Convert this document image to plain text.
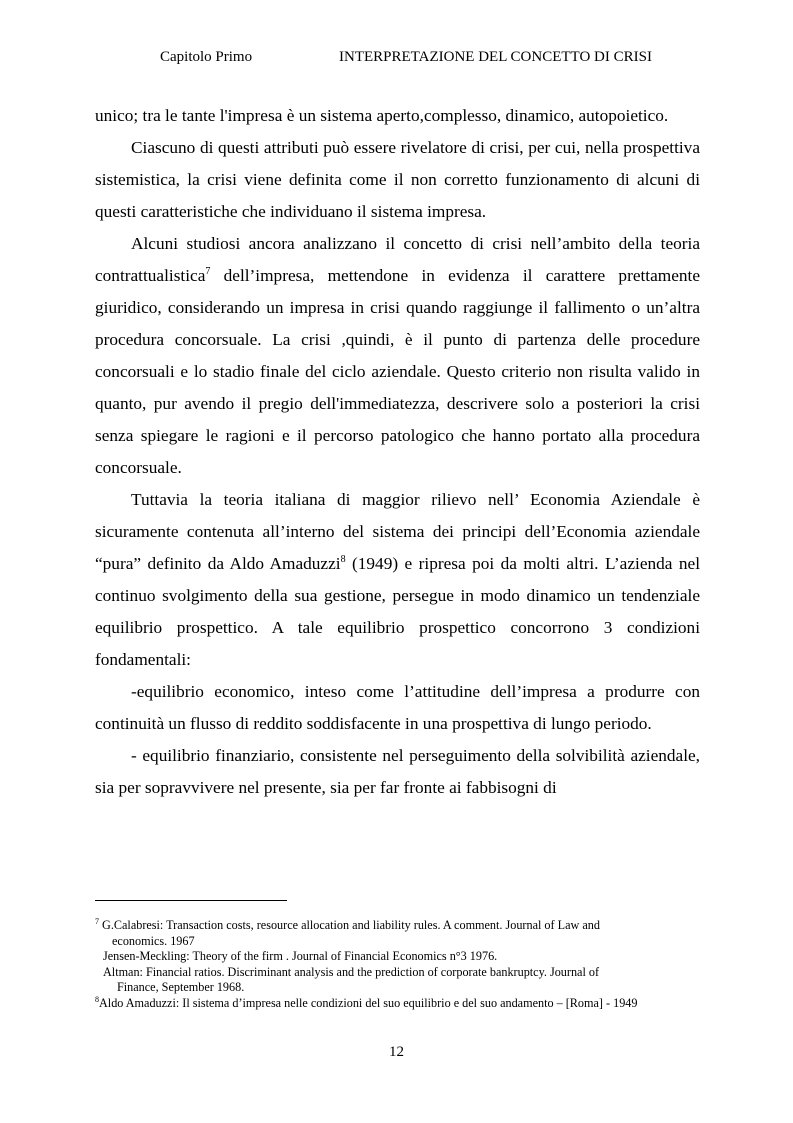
Capitolo Primo	INTERPRETAZIONE DEL CONCETTO DI CRISI

unico; tra le tante l'impresa è un sistema aperto,complesso, dinamico, autopoietico.

Ciascuno di questi attributi può essere rivelatore di crisi, per cui, nella prospettiva sistemistica, la crisi viene definita come il non corretto funzionamento di alcuni di questi caratteristiche che individuano il sistema impresa.

Alcuni studiosi ancora analizzano il concetto di crisi nell’ambito della teoria contrattualistica$^7$ dell’impresa, mettendone in evidenza il carattere prettamente giuridico, considerando un impresa in crisi quando raggiunge il fallimento o un’altra procedura concorsuale. La crisi ,quindi, è il punto di partenza delle procedure concorsuali e lo stadio finale del ciclo aziendale. Questo criterio non risulta valido in quanto, pur avendo il pregio dell'immediatezza, descrivere solo a posteriori la crisi senza spiegare le ragioni e il percorso patologico che hanno portato alla procedura concorsuale.

Tuttavia la teoria italiana di maggior rilievo nell’ Economia Aziendale è sicuramente contenuta all’interno del sistema dei principi dell’Economia aziendale “pura” definito da Aldo Amaduzzi$^8$ (1949) e ripresa poi da molti altri. L’azienda nel continuo svolgimento della sua gestione, persegue in modo dinamico un tendenziale equilibrio prospettico. A tale equilibrio prospettico concorrono 3 condizioni fondamentali:

-equilibrio economico, inteso come l’attitudine dell’impresa a produrre con continuità un flusso di reddito soddisfacente in una prospettiva di lungo periodo.

- equilibrio finanziario, consistente nel perseguimento della solvibilità aziendale, sia per sopravvivere nel presente, sia per far fronte ai fabbisogni di

$^7$ G.Calabresi: Transaction costs, resource allocation and liability rules. A comment. Journal of Law and
economics. 1967
Jensen-Meckling: Theory of the firm . Journal of Financial Economics n°3 1976.
Altman: Financial ratios. Discriminant analysis and the prediction of corporate bankruptcy. Journal of
Finance, September 1968.
$^8$Aldo Amaduzzi: Il sistema d’impresa nelle condizioni del suo equilibrio e del suo andamento – [Roma] - 1949
12
